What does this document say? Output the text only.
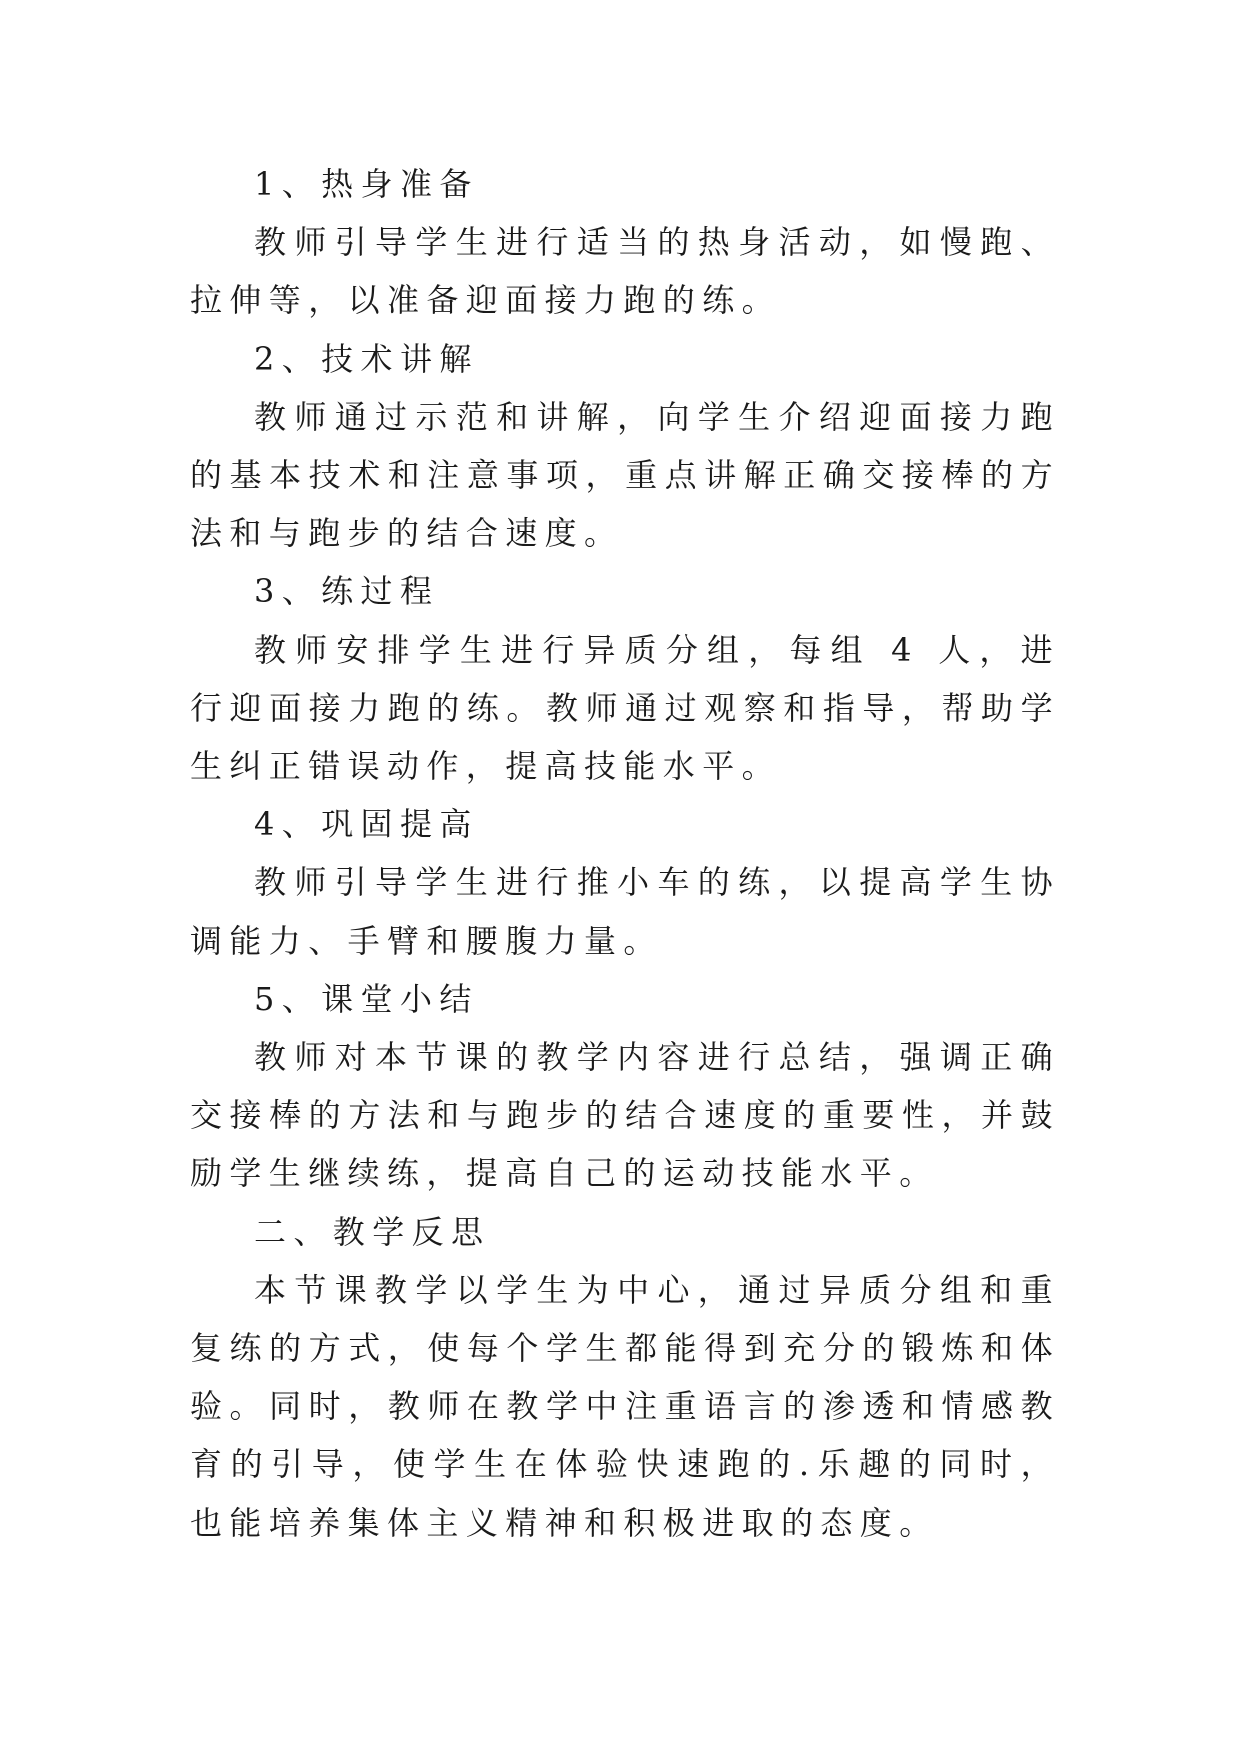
1、热身准备

教师引导学生进行适当的热身活动，如慢跑、拉伸等，以准备迎面接力跑的练。

2、技术讲解

教师通过示范和讲解，向学生介绍迎面接力跑的基本技术和注意事项，重点讲解正确交接棒的方法和与跑步的结合速度。

3、练过程

教师安排学生进行异质分组，每组 4 人，进行迎面接力跑的练。教师通过观察和指导，帮助学生纠正错误动作，提高技能水平。

4、巩固提高

教师引导学生进行推小车的练，以提高学生协调能力、手臂和腰腹力量。

5、课堂小结

教师对本节课的教学内容进行总结，强调正确交接棒的方法和与跑步的结合速度的重要性，并鼓励学生继续练，提高自己的运动技能水平。

二、教学反思

本节课教学以学生为中心，通过异质分组和重复练的方式，使每个学生都能得到充分的锻炼和体验。同时，教师在教学中注重语言的渗透和情感教育的引导，使学生在体验快速跑的.乐趣的同时，也能培养集体主义精神和积极进取的态度。
